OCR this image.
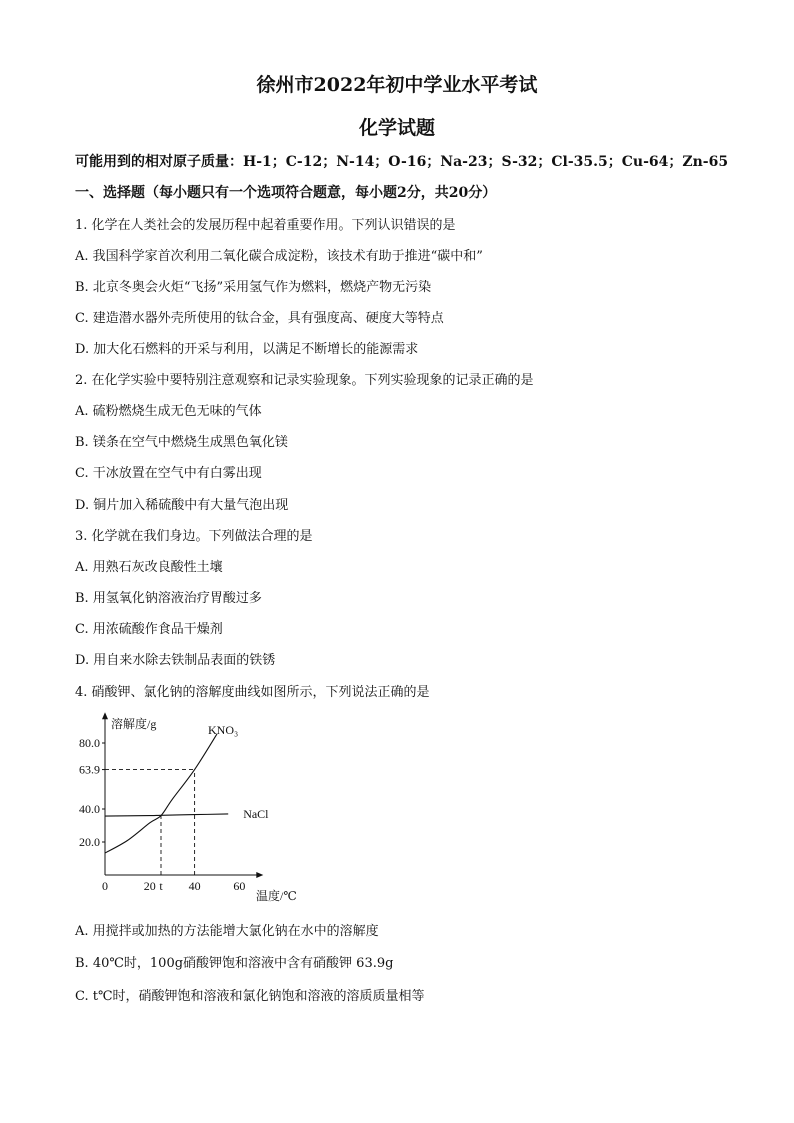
徐州市2022年初中学业水平考试
化学试题
可能用到的相对原子质量：H-1；C-12；N-14；O-16；Na-23；S-32；Cl-35.5；Cu-64；Zn-65
一、选择题（每小题只有一个选项符合题意，每小题2分，共20分）
1. 化学在人类社会的发展历程中起着重要作用。下列认识错误的是
A. 我国科学家首次利用二氧化碳合成淀粉，该技术有助于推进“碳中和”
B. 北京冬奥会火炬“飞扬”采用氢气作为燃料，燃烧产物无污染
C. 建造潜水器外壳所使用的钛合金，具有强度高、硬度大等特点
D. 加大化石燃料的开采与利用，以满足不断增长的能源需求
2. 在化学实验中要特别注意观察和记录实验现象。下列实验现象的记录正确的是
A. 硫粉燃烧生成无色无味的气体
B. 镁条在空气中燃烧生成黑色氧化镁
C. 干冰放置在空气中有白雾出现
D. 铜片加入稀硫酸中有大量气泡出现
3. 化学就在我们身边。下列做法合理的是
A. 用熟石灰改良酸性土壤
B. 用氢氧化钠溶液治疗胃酸过多
C. 用浓硫酸作食品干燥剂
D. 用自来水除去铁制品表面的铁锈
4. 硝酸钾、氯化钠的溶解度曲线如图所示，下列说法正确的是
80.0
63.9
40.0
20.0
0	20 t 40	60
KNO₃
NaCl
溶解度/g
温度/℃
A. 用搅拌或加热的方法能增大氯化钠在水中的溶解度
B. 40℃时，100g硝酸钾饱和溶液中含有硝酸钾 63.9g
C. t℃时，硝酸钾饱和溶液和氯化钠饱和溶液的溶质质量相等
